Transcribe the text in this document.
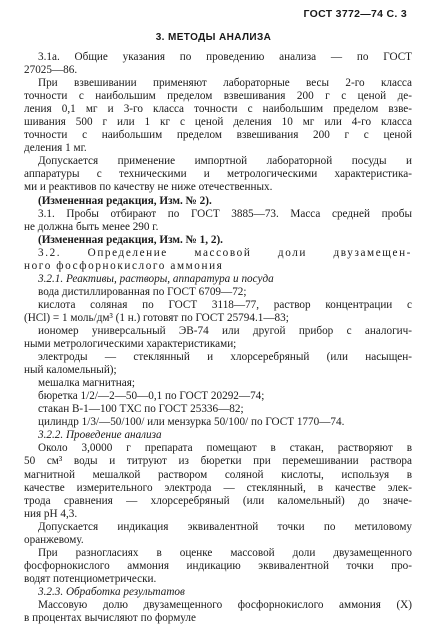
ГОСТ 3772—74 С. 3
3. МЕТОДЫ АНАЛИЗА
3.1а. Общие указания по проведению анализа — по ГОСТ
27025—86.
При взвешивании применяют лабораторные весы 2-го класса
точности с наибольшим пределом взвешивания 200 г с ценой де-
ления 0,1 мг и 3-го класса точности с наибольшим пределом взве-
шивания 500 г или 1 кг с ценой деления 10 мг или 4-го класса
точности с наибольшим пределом взвешивания 200 г с ценой
деления 1 мг.
Допускается применение импортной лабораторной посуды и
аппаратуры с техническими и метрологическими характеристика-
ми и реактивов по качеству не ниже отечественных.
(Измененная редакция, Изм. № 2).
3.1. Пробы отбирают по ГОСТ 3885—73. Масса средней пробы
не должна быть менее 290 г.
(Измененная редакция, Изм. № 1, 2).
3.2. Определение массовой доли двузамещен-
ного фосфорнокислого аммония
3.2.1. Реактивы, растворы, аппаратура и посуда
вода дистиллированная по ГОСТ 6709—72;
кислота соляная по ГОСТ 3118—77, раствор концентрации с
(HCl) = 1 моль/дм³ (1 н.) готовят по ГОСТ 25794.1—83;
иономер универсальный ЭВ-74 или другой прибор с аналогич-
ными метрологическими характеристиками;
электроды — стеклянный и хлорсеребряный (или насыщен-
ный каломельный);
мешалка магнитная;
бюретка 1/2/—2—50—0,1 по ГОСТ 20292—74;
стакан В-1—100 ТХС по ГОСТ 25336—82;
цилиндр 1/3/—50/100/ или мензурка 50/100/ по ГОСТ 1770—74.
3.2.2. Проведение анализа
Около 3,0000 г препарата помещают в стакан, растворяют в
50 см³ воды и титруют из бюретки при перемешивании раствора
магнитной мешалкой раствором соляной кислоты, используя в
качестве измерительного электрода — стеклянный, в качестве элек-
трода сравнения — хлорсеребряный (или каломельный) до значе-
ния pH 4,3.
Допускается индикация эквивалентной точки по метиловому
оранжевому.
При разногласиях в оценке массовой доли двузамещенного
фосфорнокислого аммония индикацию эквивалентной точки про-
водят потенциометрически.
3.2.3. Обработка результатов
Массовую долю двузамещенного фосфорнокислого аммония (X)
в процентах вычисляют по формуле
